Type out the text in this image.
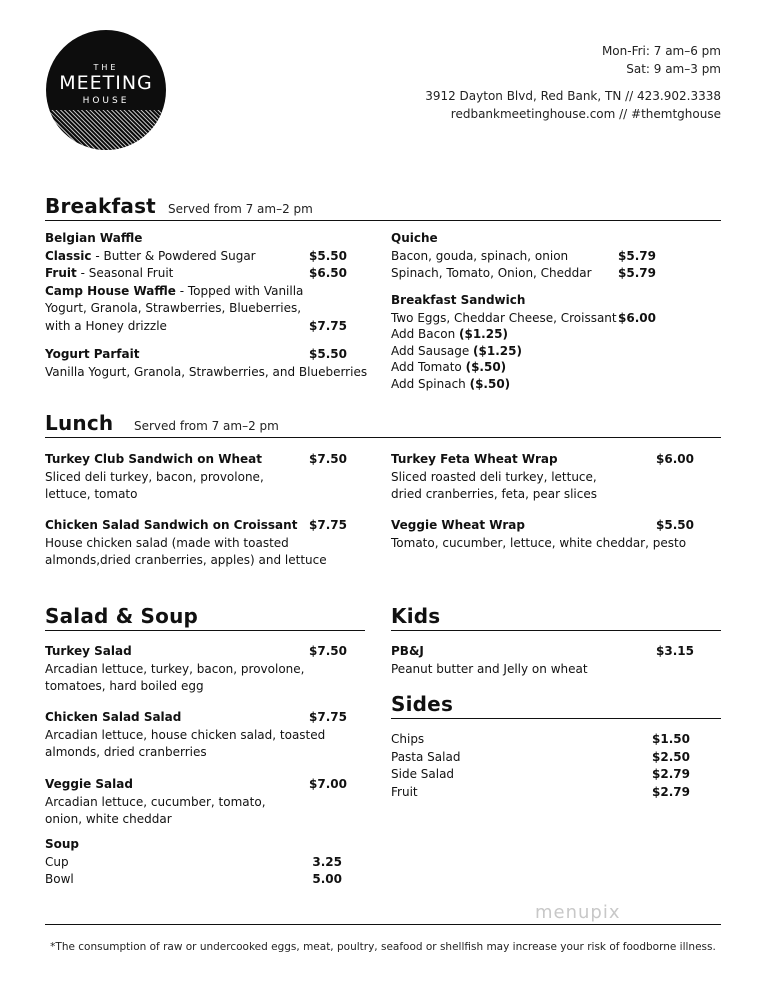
THE
MEETING
HOUSE
Mon-Fri: 7 am–6 pm
Sat: 9 am–3 pm
3912 Dayton Blvd, Red Bank, TN // 423.902.3338
redbankmeetinghouse.com // #themtghouse
Breakfast Served from 7 am–2 pm
Belgian Waffle
Classic - Butter & Powdered Sugar	$5.50
Fruit - Seasonal Fruit	$6.50
Camp House Waffle - Topped with Vanilla
Yogurt, Granola, Strawberries, Blueberries,
with a Honey drizzle	$7.75
Yogurt Parfait	$5.50
Vanilla Yogurt, Granola, Strawberries, and Blueberries
Quiche
Bacon, gouda, spinach, onion	$5.79
Spinach, Tomato, Onion, Cheddar $5.79
Breakfast Sandwich
Two Eggs, Cheddar Cheese, Croissant $6.00
Add Bacon ($1.25)
Add Sausage ($1.25)
Add Tomato ($.50)
Add Spinach ($.50)
Lunch Served from 7 am–2 pm
Turkey Club Sandwich on Wheat	$7.50
Sliced deli turkey, bacon, provolone,
lettuce, tomato
Chicken Salad Sandwich on Croissant $7.75
House chicken salad (made with toasted
almonds,dried cranberries, apples) and lettuce
Turkey Feta Wheat Wrap	$6.00
Sliced roasted deli turkey, lettuce,
dried cranberries, feta, pear slices
Veggie Wheat Wrap	$5.50
Tomato, cucumber, lettuce, white cheddar, pesto
Salad & Soup
Turkey Salad	$7.50
Arcadian lettuce, turkey, bacon, provolone,
tomatoes, hard boiled egg
Chicken Salad Salad	$7.75
Arcadian lettuce, house chicken salad, toasted
almonds, dried cranberries
Veggie Salad	$7.00
Arcadian lettuce, cucumber, tomato,
onion, white cheddar
Soup
Cup	3.25
Bowl	5.00
Kids
PB&J	$3.15
Peanut butter and Jelly on wheat
Sides
Chips	$1.50
Pasta Salad	$2.50
Side Salad	$2.79
Fruit	$2.79
menupix
*The consumption of raw or undercooked eggs, meat, poultry, seafood or shellfish may increase your risk of foodborne illness.
